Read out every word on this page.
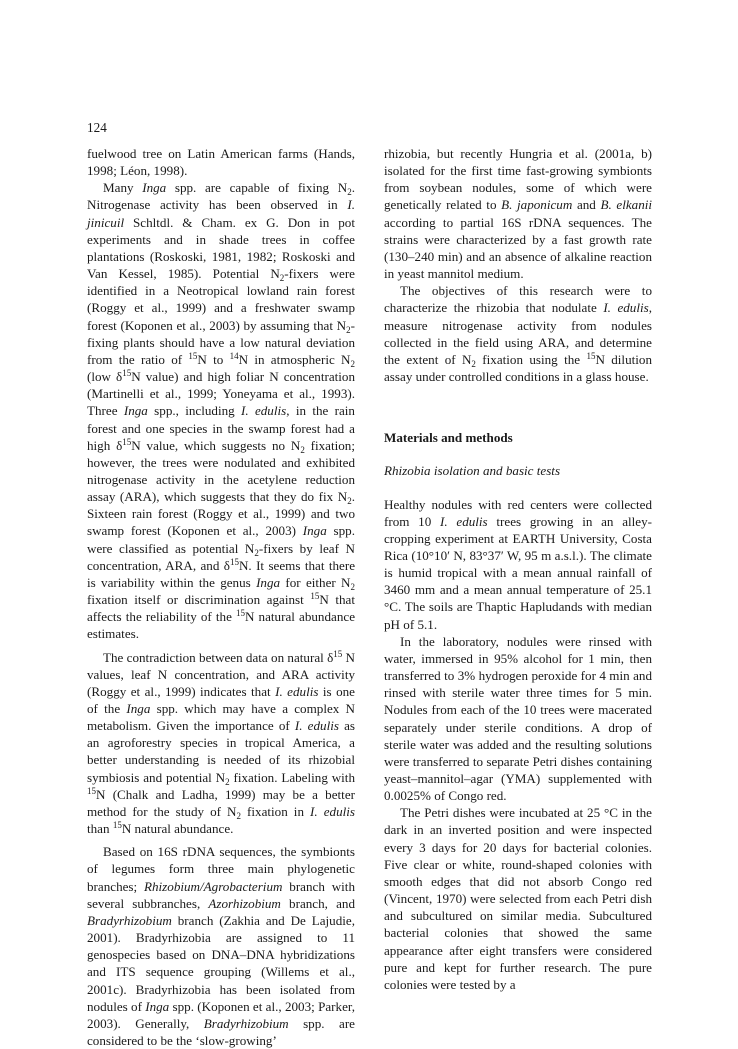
124

fuelwood tree on Latin American farms (Hands, 1998; Léon, 1998).

Many Inga spp. are capable of fixing $N_2$. Nitrogenase activity has been observed in I. jinicuil Schltdl. & Cham. ex G. Don in pot experiments and in shade trees in coffee plantations (Roskoski, 1981, 1982; Roskoski and Van Kessel, 1985). Potential $N_2$-fixers were identified in a Neotropical lowland rain forest (Roggy et al., 1999) and a freshwater swamp forest (Koponen et al., 2003) by assuming that $N_2$-fixing plants should have a low natural deviation from the ratio of $^{15}$N to $^{14}$N in atmospheric $N_2$ (low $\delta^{15}N$ value) and high foliar N concentration (Martinelli et al., 1999; Yoneyama et al., 1993). Three Inga spp., including I. edulis, in the rain forest and one species in the swamp forest had a high $\delta^{15}N$ value, which suggests no $N_2$ fixation; however, the trees were nodulated and exhibited nitrogenase activity in the acetylene reduction assay (ARA), which suggests that they do fix $N_2$. Sixteen rain forest (Roggy et al., 1999) and two swamp forest (Koponen et al., 2003) Inga spp. were classified as potential $N_2$-fixers by leaf N concentration, ARA, and $\delta^{15}N$. It seems that there is variability within the genus Inga for either $N_2$ fixation itself or discrimination against $^{15}$N that affects the reliability of the $^{15}$N natural abundance estimates.

The contradiction between data on natural $\delta^{15}$ N values, leaf N concentration, and ARA activity (Roggy et al., 1999) indicates that I. edulis is one of the Inga spp. which may have a complex N metabolism. Given the importance of I. edulis as an agroforestry species in tropical America, a better understanding is needed of its rhizobial symbiosis and potential $N_2$ fixation. Labeling with $^{15}$N (Chalk and Ladha, 1999) may be a better method for the study of $N_2$ fixation in I. edulis than $^{15}$N natural abundance.

Based on 16S rDNA sequences, the symbionts of legumes form three main phylogenetic branches; Rhizobium/Agrobacterium branch with several subbranches, Azorhizobium branch, and Bradyrhizobium branch (Zakhia and De Lajudie, 2001). Bradyrhizobia are assigned to 11 genospecies based on DNA–DNA hybridizations and ITS sequence grouping (Willems et al., 2001c). Bradyrhizobia has been isolated from nodules of Inga spp. (Koponen et al., 2003; Parker, 2003). Generally, Bradyrhizobium spp. are considered to be the ‘slow-growing’

rhizobia, but recently Hungria et al. (2001a, b) isolated for the first time fast-growing symbionts from soybean nodules, some of which were genetically related to B. japonicum and B. elkanii according to partial 16S rDNA sequences. The strains were characterized by a fast growth rate (130–240 min) and an absence of alkaline reaction in yeast mannitol medium.

The objectives of this research were to characterize the rhizobia that nodulate I. edulis, measure nitrogenase activity from nodules collected in the field using ARA, and determine the extent of $N_2$ fixation using the $^{15}$N dilution assay under controlled conditions in a glass house.

Materials and methods

Rhizobia isolation and basic tests

Healthy nodules with red centers were collected from 10 I. edulis trees growing in an alley-cropping experiment at EARTH University, Costa Rica (10°10′ N, 83°37′ W, 95 m a.s.l.). The climate is humid tropical with a mean annual rainfall of 3460 mm and a mean annual temperature of 25.1 °C. The soils are Thaptic Hapludands with median pH of 5.1.

In the laboratory, nodules were rinsed with water, immersed in 95% alcohol for 1 min, then transferred to 3% hydrogen peroxide for 4 min and rinsed with sterile water three times for 5 min. Nodules from each of the 10 trees were macerated separately under sterile conditions. A drop of sterile water was added and the resulting solutions were transferred to separate Petri dishes containing yeast–mannitol–agar (YMA) supplemented with 0.0025% of Congo red.

The Petri dishes were incubated at 25 °C in the dark in an inverted position and were inspected every 3 days for 20 days for bacterial colonies. Five clear or white, round-shaped colonies with smooth edges that did not absorb Congo red (Vincent, 1970) were selected from each Petri dish and subcultured on similar media. Subcultured bacterial colonies that showed the same appearance after eight transfers were considered pure and kept for further research. The pure colonies were tested by a
